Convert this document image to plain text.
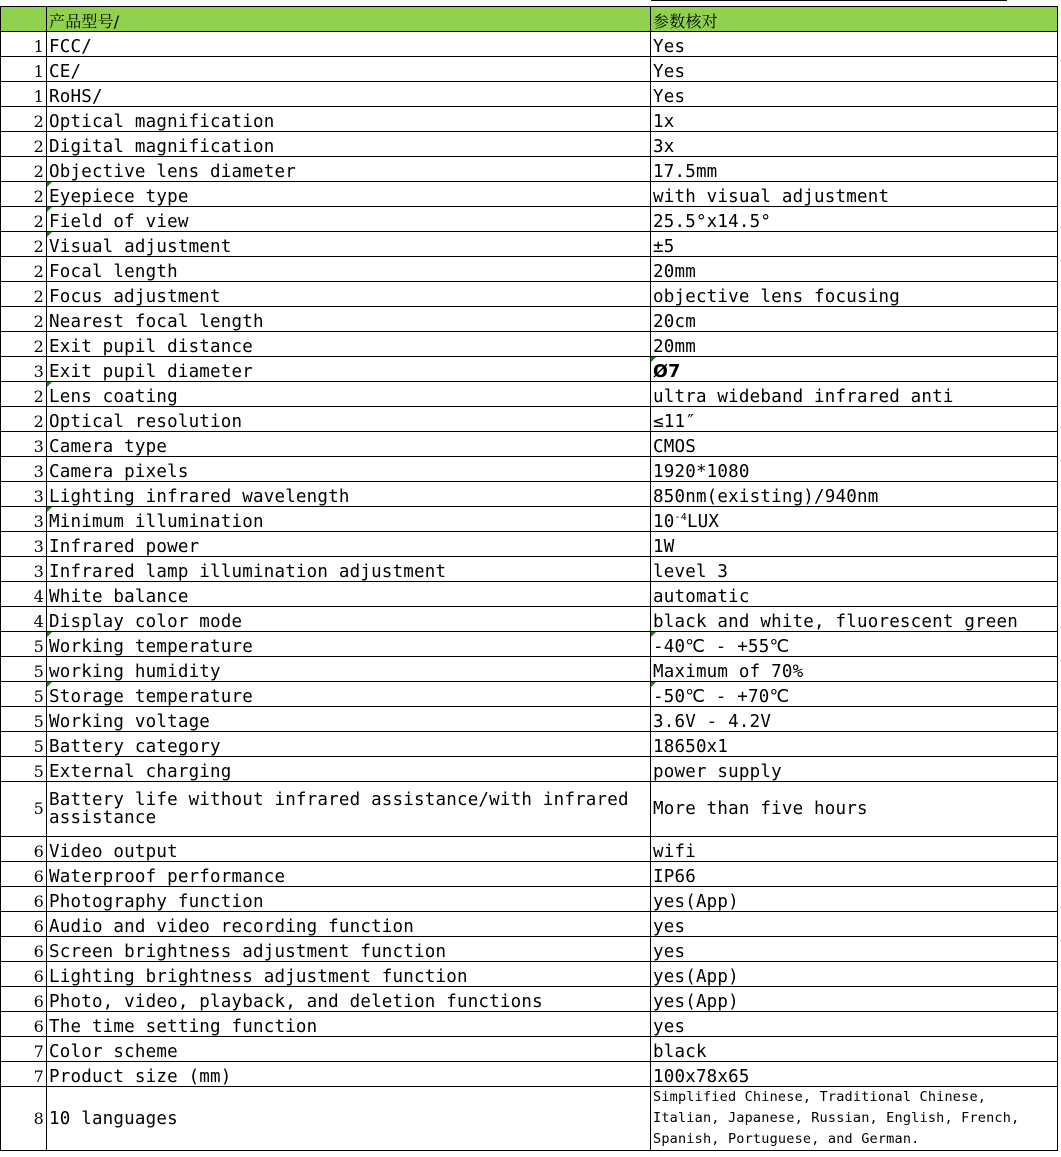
	产品型号/	参数核对
1	FCC/	Yes
1	CE/	Yes
1	RoHS/	Yes
2	Optical magnification	1x
2	Digital magnification	3x
2	Objective lens diameter	17.5mm
2	Eyepiece type	with visual adjustment
2	Field of view	25.5°x14.5°
2	Visual adjustment	±5
2	Focal length	20mm
2	Focus adjustment	objective lens focusing
2	Nearest focal length	20cm
2	Exit pupil distance	20mm
3	Exit pupil diameter	Ø7
2	Lens coating	ultra wideband infrared anti
2	Optical resolution	≤11″
3	Camera type	CMOS
3	Camera pixels	1920*1080
3	Lighting infrared wavelength	850nm(existing)/940nm
3	Minimum illumination	$10^{-4}LUX$
3	Infrared power	1W
3	Infrared lamp illumination adjustment	level 3
4	White balance	automatic
4	Display color mode	black and white, fluorescent green
5	Working temperature	-40℃ - +55℃
5	working humidity	Maximum of 70%
5	Storage temperature	-50℃ - +70℃
5	Working voltage	3.6V - 4.2V
5	Battery category	18650x1
5	External charging	power supply
5	Battery life without infrared assistance/with infrared assistance	More than five hours
6	Video output	wifi
6	Waterproof performance	IP66
6	Photography function	yes(App)
6	Audio and video recording function	yes
6	Screen brightness adjustment function	yes
6	Lighting brightness adjustment function	yes(App)
6	Photo, video, playback, and deletion functions	yes(App)
6	The time setting function	yes
7	Color scheme	black
7	Product size (mm)	100x78x65
8	10 languages	Simplified Chinese, Traditional Chinese, Italian, Japanese, Russian, English, French, Spanish, Portuguese, and German.
